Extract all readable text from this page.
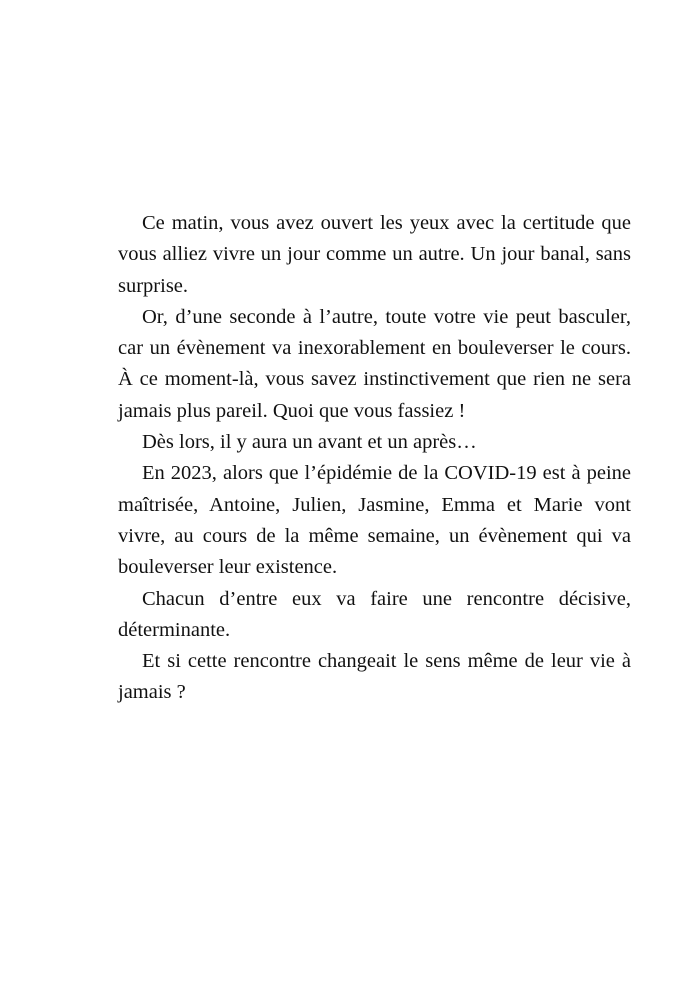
Ce matin, vous avez ouvert les yeux avec la certitude que vous alliez vivre un jour comme un autre. Un jour banal, sans surprise.

Or, d’une seconde à l’autre, toute votre vie peut basculer, car un évènement va inexorablement en bouleverser le cours. À ce moment-là, vous savez instinctivement que rien ne sera jamais plus pareil. Quoi que vous fassiez !

Dès lors, il y aura un avant et un après…

En 2023, alors que l’épidémie de la COVID-19 est à peine maîtrisée, Antoine, Julien, Jasmine, Emma et Marie vont vivre, au cours de la même semaine, un évènement qui va bouleverser leur existence.

Chacun d’entre eux va faire une rencontre décisive, déterminante.

Et si cette rencontre changeait le sens même de leur vie à jamais ?
